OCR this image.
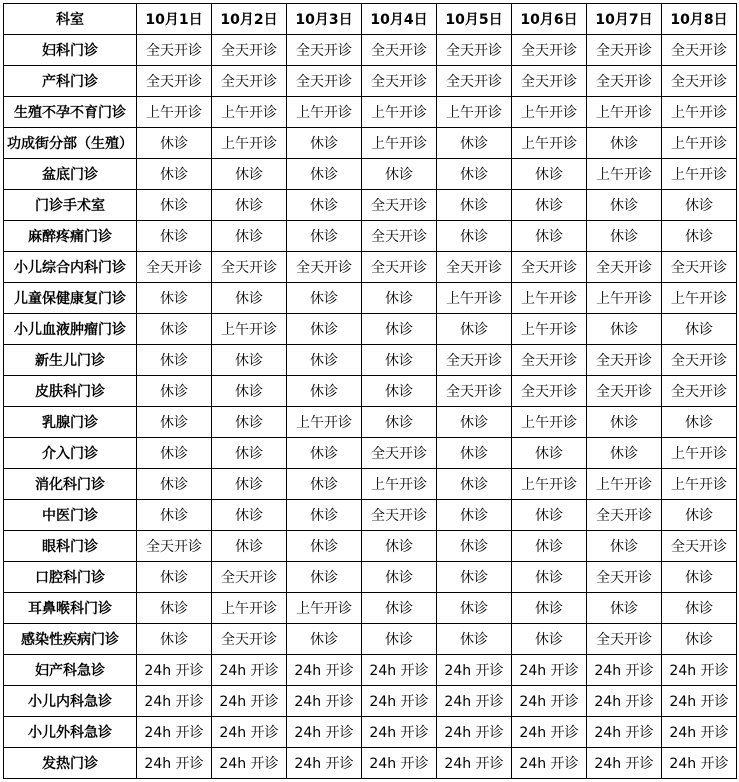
科室	10月1日	10月2日	10月3日	10月4日	10月5日	10月6日	10月7日	10月8日
妇科门诊	全天开诊	全天开诊	全天开诊	全天开诊	全天开诊	全天开诊	全天开诊	全天开诊
产科门诊	全天开诊	全天开诊	全天开诊	全天开诊	全天开诊	全天开诊	全天开诊	全天开诊
生殖不孕不育门诊	上午开诊	上午开诊	上午开诊	上午开诊	上午开诊	上午开诊	上午开诊	上午开诊
功成街分部（生殖）	休诊	上午开诊	休诊	上午开诊	休诊	上午开诊	休诊	上午开诊
盆底门诊	休诊	休诊	休诊	休诊	休诊	休诊	上午开诊	上午开诊
门诊手术室	休诊	休诊	休诊	全天开诊	休诊	休诊	休诊	休诊
麻醉疼痛门诊	休诊	休诊	休诊	全天开诊	休诊	休诊	休诊	休诊
小儿综合内科门诊	全天开诊	全天开诊	全天开诊	全天开诊	全天开诊	全天开诊	全天开诊	全天开诊
儿童保健康复门诊	休诊	休诊	休诊	休诊	上午开诊	上午开诊	上午开诊	上午开诊
小儿血液肿瘤门诊	休诊	上午开诊	休诊	休诊	休诊	上午开诊	休诊	休诊
新生儿门诊	休诊	休诊	休诊	休诊	全天开诊	全天开诊	全天开诊	全天开诊
皮肤科门诊	休诊	休诊	休诊	休诊	全天开诊	全天开诊	全天开诊	全天开诊
乳腺门诊	休诊	休诊	上午开诊	休诊	休诊	上午开诊	休诊	休诊
介入门诊	休诊	休诊	休诊	全天开诊	休诊	休诊	休诊	上午开诊
消化科门诊	休诊	休诊	休诊	上午开诊	休诊	上午开诊	上午开诊	上午开诊
中医门诊	休诊	休诊	休诊	全天开诊	休诊	休诊	全天开诊	休诊
眼科门诊	全天开诊	休诊	休诊	休诊	休诊	休诊	休诊	全天开诊
口腔科门诊	休诊	全天开诊	休诊	休诊	休诊	休诊	全天开诊	休诊
耳鼻喉科门诊	休诊	上午开诊	上午开诊	休诊	休诊	休诊	休诊	休诊
感染性疾病门诊	休诊	全天开诊	休诊	休诊	休诊	休诊	全天开诊	休诊
妇产科急诊	24h 开诊	24h 开诊	24h 开诊	24h 开诊	24h 开诊	24h 开诊	24h 开诊	24h 开诊
小儿内科急诊	24h 开诊	24h 开诊	24h 开诊	24h 开诊	24h 开诊	24h 开诊	24h 开诊	24h 开诊
小儿外科急诊	24h 开诊	24h 开诊	24h 开诊	24h 开诊	24h 开诊	24h 开诊	24h 开诊	24h 开诊
发热门诊	24h 开诊	24h 开诊	24h 开诊	24h 开诊	24h 开诊	24h 开诊	24h 开诊	24h 开诊
